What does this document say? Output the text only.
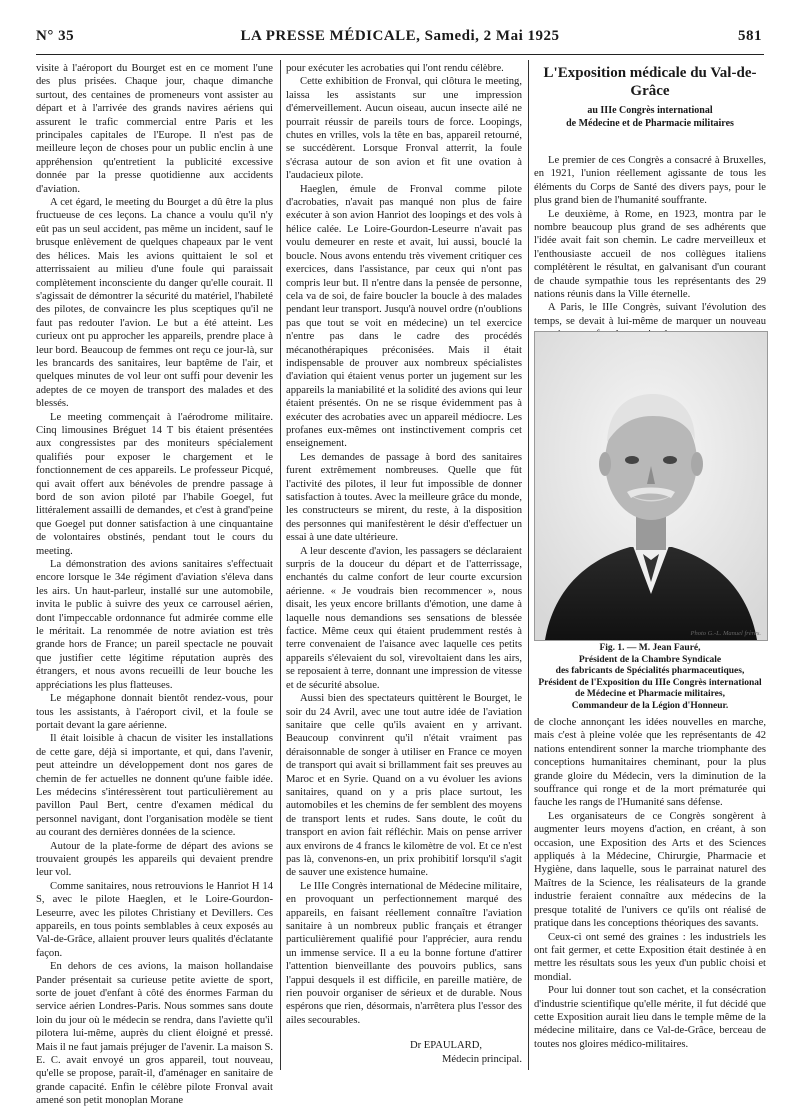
N° 35	LA PRESSE MÉDICALE, Samedi, 2 Mai 1925	581

visite à l'aéroport du Bourget est en ce moment l'une des plus prisées. Chaque jour, chaque dimanche surtout, des centaines de promeneurs vont assister au départ et à l'arrivée des grands navires aériens qui assurent le trafic commercial entre Paris et les principales capitales de l'Europe. Il n'est pas de meilleure leçon de choses pour un public enclin à une appréhension qu'entretient la publicité excessive donnée par la presse quotidienne aux accidents d'aviation.

A cet égard, le meeting du Bourget a dû être la plus fructueuse de ces leçons. La chance a voulu qu'il n'y eût pas un seul accident, pas même un incident, sauf le brusque enlèvement de quelques chapeaux par le vent des hélices. Mais les avions quittaient le sol et atterrissaient au milieu d'une foule qui paraissait complètement inconsciente du danger qu'elle courait. Il s'agissait de démontrer la sécurité du matériel, l'habileté des pilotes, de convaincre les plus sceptiques qu'il ne faut pas redouter l'avion. Le but a été atteint. Les curieux ont pu approcher les appareils, prendre place à leur bord. Beaucoup de femmes ont reçu ce jour-là, sur les brancards des sanitaires, leur baptême de l'air, et quelques minutes de vol leur ont suffi pour devenir les adeptes de ce moyen de transport des malades et des blessés.

Le meeting commençait à l'aérodrome militaire. Cinq limousines Bréguet 14 T bis étaient présentées aux congressistes par des moniteurs spécialement qualifiés pour exposer le chargement et le fonctionnement de ces appareils. Le professeur Picqué, qui avait offert aux bénévoles de prendre passage à bord de son avion piloté par l'habile Goegel, fut littéralement assailli de demandes, et c'est à grand'peine que Goegel put donner satisfaction à une cinquantaine de volontaires obstinés, pendant tout le cours du meeting.

La démonstration des avions sanitaires s'effectuait encore lorsque le 34e régiment d'aviation s'éleva dans les airs. Un haut-parleur, installé sur une automobile, invita le public à suivre des yeux ce carrousel aérien, dont l'impeccable ordonnance fut admirée comme elle le méritait. La renommée de notre aviation est très grande hors de France; un pareil spectacle ne pouvait que justifier cette légitime réputation auprès des étrangers, et nous avons recueilli de leur bouche les appréciations les plus flatteuses.

Le mégaphone donnait bientôt rendez-vous, pour tous les assistants, à l'aéroport civil, et la foule se portait devant la gare aérienne.

Il était loisible à chacun de visiter les installations de cette gare, déjà si importante, et qui, dans l'avenir, peut atteindre un développement dont nos gares de chemin de fer actuelles ne donnent qu'une faible idée. Les médecins s'intéressèrent tout particulièrement au pavillon Paul Bert, centre d'examen médical du personnel navigant, dont l'organisation modèle se tient au courant des dernières données de la science.

Autour de la plate-forme de départ des avions se trouvaient groupés les appareils qui devaient prendre leur vol.

Comme sanitaires, nous retrouvions le Hanriot H 14 S, avec le pilote Haeglen, et le Loire-Gourdon-Leseurre, avec les pilotes Christiany et Devillers. Ces appareils, en tous points semblables à ceux exposés au Val-de-Grâce, allaient prouver leurs qualités d'éclatante façon.

En dehors de ces avions, la maison hollandaise Pander présentait sa curieuse petite aviette de sport, sorte de jouet d'enfant à côté des énormes Farman du service aérien Londres-Paris. Nous sommes sans doute loin du jour où le médecin se rendra, dans l'aviette qu'il pilotera lui-même, auprès du client éloigné et pressé. Mais il ne faut jamais préjuger de l'avenir. La maison S. E. C. avait envoyé un gros appareil, tout nouveau, qu'elle se propose, paraît-il, d'aménager en sanitaire de grande capacité. Enfin le célèbre pilote Fronval avait amené son petit monoplan Morane

pour exécuter les acrobaties qui l'ont rendu célèbre.

Cette exhibition de Fronval, qui clôtura le meeting, laissa les assistants sur une impression d'émerveillement. Aucun oiseau, aucun insecte ailé ne pourrait réussir de pareils tours de force. Loopings, chutes en vrilles, vols la tête en bas, appareil retourné, se succédèrent. Lorsque Fronval atterrit, la foule s'écrasa autour de son avion et fit une ovation à l'audacieux pilote.

Haeglen, émule de Fronval comme pilote d'acrobaties, n'avait pas manqué non plus de faire exécuter à son avion Hanriot des loopings et des vols à hélice calée. Le Loire-Gourdon-Leseurre n'avait pas voulu demeurer en reste et avait, lui aussi, bouclé la boucle. Nous avons entendu très vivement critiquer ces exercices, dans l'assistance, par ceux qui n'ont pas compris leur but. Il n'entre dans la pensée de personne, cela va de soi, de faire boucler la boucle à des malades pendant leur transport. Jusqu'à nouvel ordre (n'oublions pas que tout se voit en médecine) un tel exercice n'entre pas dans le cadre des procédés mécanothérapiques préconisées. Mais il était indispensable de prouver aux nombreux spécialistes d'aviation qui étaient venus porter un jugement sur les appareils la maniabilité et la solidité des avions qui leur étaient présentés. On ne se risque évidemment pas à exécuter des acrobaties avec un appareil médiocre. Les profanes eux-mêmes ont instinctivement compris cet enseignement.

Les demandes de passage à bord des sanitaires furent extrêmement nombreuses. Quelle que fût l'activité des pilotes, il leur fut impossible de donner satisfaction à toutes. Avec la meilleure grâce du monde, les constructeurs se mirent, du reste, à la disposition des personnes qui manifestèrent le désir d'effectuer un essai à une date ultérieure.

A leur descente d'avion, les passagers se déclaraient surpris de la douceur du départ et de l'atterrissage, enchantés du calme confort de leur courte excursion aérienne. « Je voudrais bien recommencer », nous disait, les yeux encore brillants d'émotion, une dame à laquelle nous demandions ses sensations de blessée factice. Même ceux qui étaient prudemment restés à terre convenaient de l'aisance avec laquelle ces petits appareils s'élevaient du sol, virevoltaient dans les airs, se reposaient à terre, donnant une impression de vitesse et de sécurité absolue.

Aussi bien des spectateurs quittèrent le Bourget, le soir du 24 Avril, avec une tout autre idée de l'aviation sanitaire que celle qu'ils avaient en y arrivant. Beaucoup convinrent qu'il n'était vraiment pas déraisonnable de songer à utiliser en France ce moyen de transport qui avait si brillamment fait ses preuves au Maroc et en Syrie. Quand on a vu évoluer les avions sanitaires, quand on y a pris place surtout, les automobiles et les chemins de fer semblent des moyens de transport lents et rudes. Sans doute, le coût du transport en avion fait réfléchir. Mais on pense arriver aux environs de 4 francs le kilomètre de vol. Et ce n'est pas là, convenons-en, un prix prohibitif lorsqu'il s'agit de sauver une existence humaine.

Le IIIe Congrès international de Médecine militaire, en provoquant un perfectionnement marqué des appareils, en faisant réellement connaître l'aviation sanitaire à un nombreux public français et étranger particulièrement qualifié pour l'apprécier, aura rendu un immense service. Il a eu la bonne fortune d'attirer l'attention bienveillante des pouvoirs publics, sans l'appui desquels il est difficile, en pareille matière, de rien pouvoir organiser de sérieux et de durable. Nous espérons que rien, désormais, n'arrêtera plus l'essor des ailes secourables.

Dr EPAULARD,
Médecin principal.
L'Exposition médicale du Val-de-Grâce
au IIIe Congrès international
de Médecine et de Pharmacie militaires

Le premier de ces Congrès a consacré à Bruxelles, en 1921, l'union réellement agissante de tous les éléments du Corps de Santé des divers pays, pour le plus grand bien de l'humanité souffrante.

Le deuxième, à Rome, en 1923, montra par le nombre beaucoup plus grand de ses adhérents que l'idée avait fait son chemin. Le cadre merveilleux et l'enthousiaste accueil de nos collègues italiens complétèrent le résultat, en galvanisant d'un courant de chaude sympathie tous les représentants des 29 nations réunis dans la Ville éternelle.

A Paris, le IIIe Congrès, suivant l'évolution des temps, se devait à lui-même de marquer un nouveau

Photo G.-L. Manuel frères.
Fig. 1. — M. Jean Fauré,
Président de la Chambre Syndicale
des fabricants de Spécialités pharmaceutiques,
Président de l'Exposition du IIIe Congrès international
de Médecine et Pharmacie militaires,
Commandeur de la Légion d'Honneur.

de cloche annonçant les idées nouvelles en marche, mais c'est à pleine volée que les représentants de 42 nations entendirent sonner la marche triomphante des conceptions humanitaires cheminant, pour la plus grande gloire du Médecin, vers la diminution de la souffrance qui ronge et de la mort prématurée qui fauche les rangs de l'Humanité sans défense.

Les organisateurs de ce Congrès songèrent à augmenter leurs moyens d'action, en créant, à son occasion, une Exposition des Arts et des Sciences appliqués à la Médecine, Chirurgie, Pharmacie et Hygiène, dans laquelle, sous le parrainat naturel des Maîtres de la Science, les réalisateurs de la grande industrie feraient connaître aux médecins de la presque totalité de l'univers ce qu'ils ont réalisé de pratique dans les conceptions théoriques des savants.

Ceux-ci ont semé des graines : les industriels les ont fait germer, et cette Exposition était destinée à en mettre les résultats sous les yeux d'un public choisi et mondial.

Pour lui donner tout son cachet, et la consécration d'industrie scientifique qu'elle mérite, il fut décidé que cette Exposition aurait lieu dans le temple même de la médecine militaire, dans ce Val-de-Grâce, berceau de toutes nos gloires médico-militaires.
